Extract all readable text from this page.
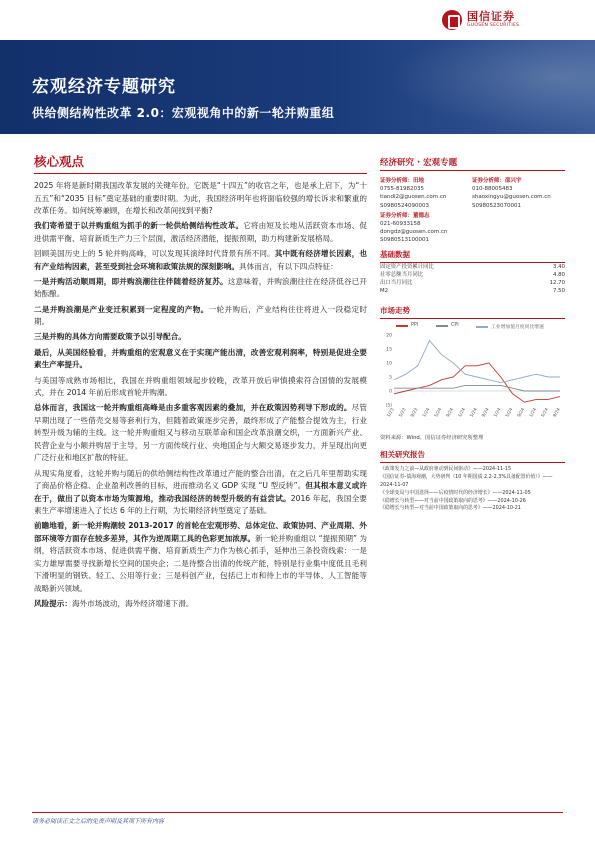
国信证券
GUOSEN SECURITIES
宏观经济专题研究
供给侧结构性改革 2.0：宏观视角中的新一轮并购重组
核心观点

2025 年将是新时期我国改革发展的关键年份。它既是“十四五”的收官之年，也是承上启下，为“十五五”和“2035 目标”奠定基础的重要时期。为此，我国经济明年也将面临较强的增长诉求和繁重的改革任务。如何统筹兼顾，在增长和改革间找到平衡?

我们寄希望于以并购重组为抓手的新一轮供给侧结构性改革。它将由短及长地从活跃资本市场、促进供需平衡、培育新质生产力三个层面，激活经济潜能，提振预期，助力构建新发展格局。

回顾美国历史上的 5 轮并购高峰，可以发现其演绎时代背景有所不同。其中既有经济增长因素，也有产业结构因素，甚至受到社会环境和政策法规的深刻影响。具体而言，有以下四点特征：

一是并购活动顺周期，即并购浪潮往往伴随着经济复苏。这意味着，并购浪潮往往在经济低谷已开始酝酿。

二是并购浪潮是产业变迁积累到一定程度的产物。一轮并购后，产业结构往往将进入一段稳定时期。

三是并购的具体方向需要政策予以引导配合。

最后，从美国经验看，并购重组的宏观意义在于实现产能出清，改善宏观利润率，特别是促进全要素生产率提升。

与美国等成熟市场相比，我国在并购重组领域起步较晚，改革开放后审慎摸索符合国情的发展模式，并在 2014 年前后形成首轮并购潮。

总体而言，我国这一轮并购重组高峰是由多重客观因素的叠加，并在政策因势利导下形成的。尽管早期出现了一些借壳交易等套利行为，但随着政策逐步完善，最终形成了产能整合提效为主，行业转型升级为辅的主线。这一轮并购重组又与移动互联革命和国企改革浪潮交织，一方面新兴产业、民营企业与小额并购居于主导，另一方面传统行业、央地国企与大额交易逐步发力，并呈现出向更广泛行业和地区扩散的特征。

从现实角度看，这轮并购与随后的供给侧结构性改革通过产能的整合出清，在之后几年里帮助实现了商品价格企稳、企业盈利改善的目标，进而推动名义 GDP 实现 “U 型反转”。但其根本意义或许在于，做出了以资本市场为策源地，推动我国经济的转型升级的有益尝试。2016 年起，我国全要素生产率增速进入了长达 6 年的上行期，为长期经济转型奠定了基础。

前瞻地看，新一轮并购潮较 2013-2017 的首轮在宏观形势、总体定位、政策协同、产业周期、外部环境等方面存在较多差异，其作为逆周期工具的色彩更加浓厚。新一轮并购重组以 “提振预期” 为纲，将活跃资本市场、促进供需平衡、培育新质生产力作为核心抓手，延伸出三条投资线索：一是实力雄厚需要寻找新增长空间的国央企；二是待整合出清的传统产能，特别是行业集中度低且毛利下滑明显的钢铁、轻工、公用等行业；三是科创产业，包括已上市和待上市的半导体、人工智能等战略新兴领域。

风险提示：海外市场波动，海外经济增速下滑。

经济研究 · 宏观专题
证券分析师：田地
0755-81982035
tiandi2@guosen.com.cn
S0980524090003
证券分析师：邵兴宇
010-88005483
shaoxingyu@guosen.com.cn
S0980523070001
证券分析师：董德志
021-60933158
dongdz@guosen.com.cn
S0980513100001
基础数据
固定资产投资累计同比	3.40
社零总额当月同比	4.80
出口当月同比	12.70
M2	7.50
市场走势
PPI	CPI	工业增加值月度同比增速
20
15
10
5
0
(5)
1/23 5/23 9/23 1/24 5/24 9/24 1/24 5/24 9/24 1/24 5/24 9/24 1/24 5/24 9/24
资料来源：Wind、国信证券经济研究所整理
相关研究报告
《政策发力之前—从政府驱动到民间驱动》——2024-11-15
《国信证券-债海观潮，大势研判（10 年期国债 2.2-2.3%具备配置价值）》——2024-11-07
《全球变局与中国选择——后疫情时代的经济增长》——2024-11-05
《稳增长与转型——对当前中国政策取向的思考》——2024-10-26
《稳增长与转型—对当前中国政策取向的思考》——2024-10-21
请务必阅读正文之后的免责声明及其项下所有内容
